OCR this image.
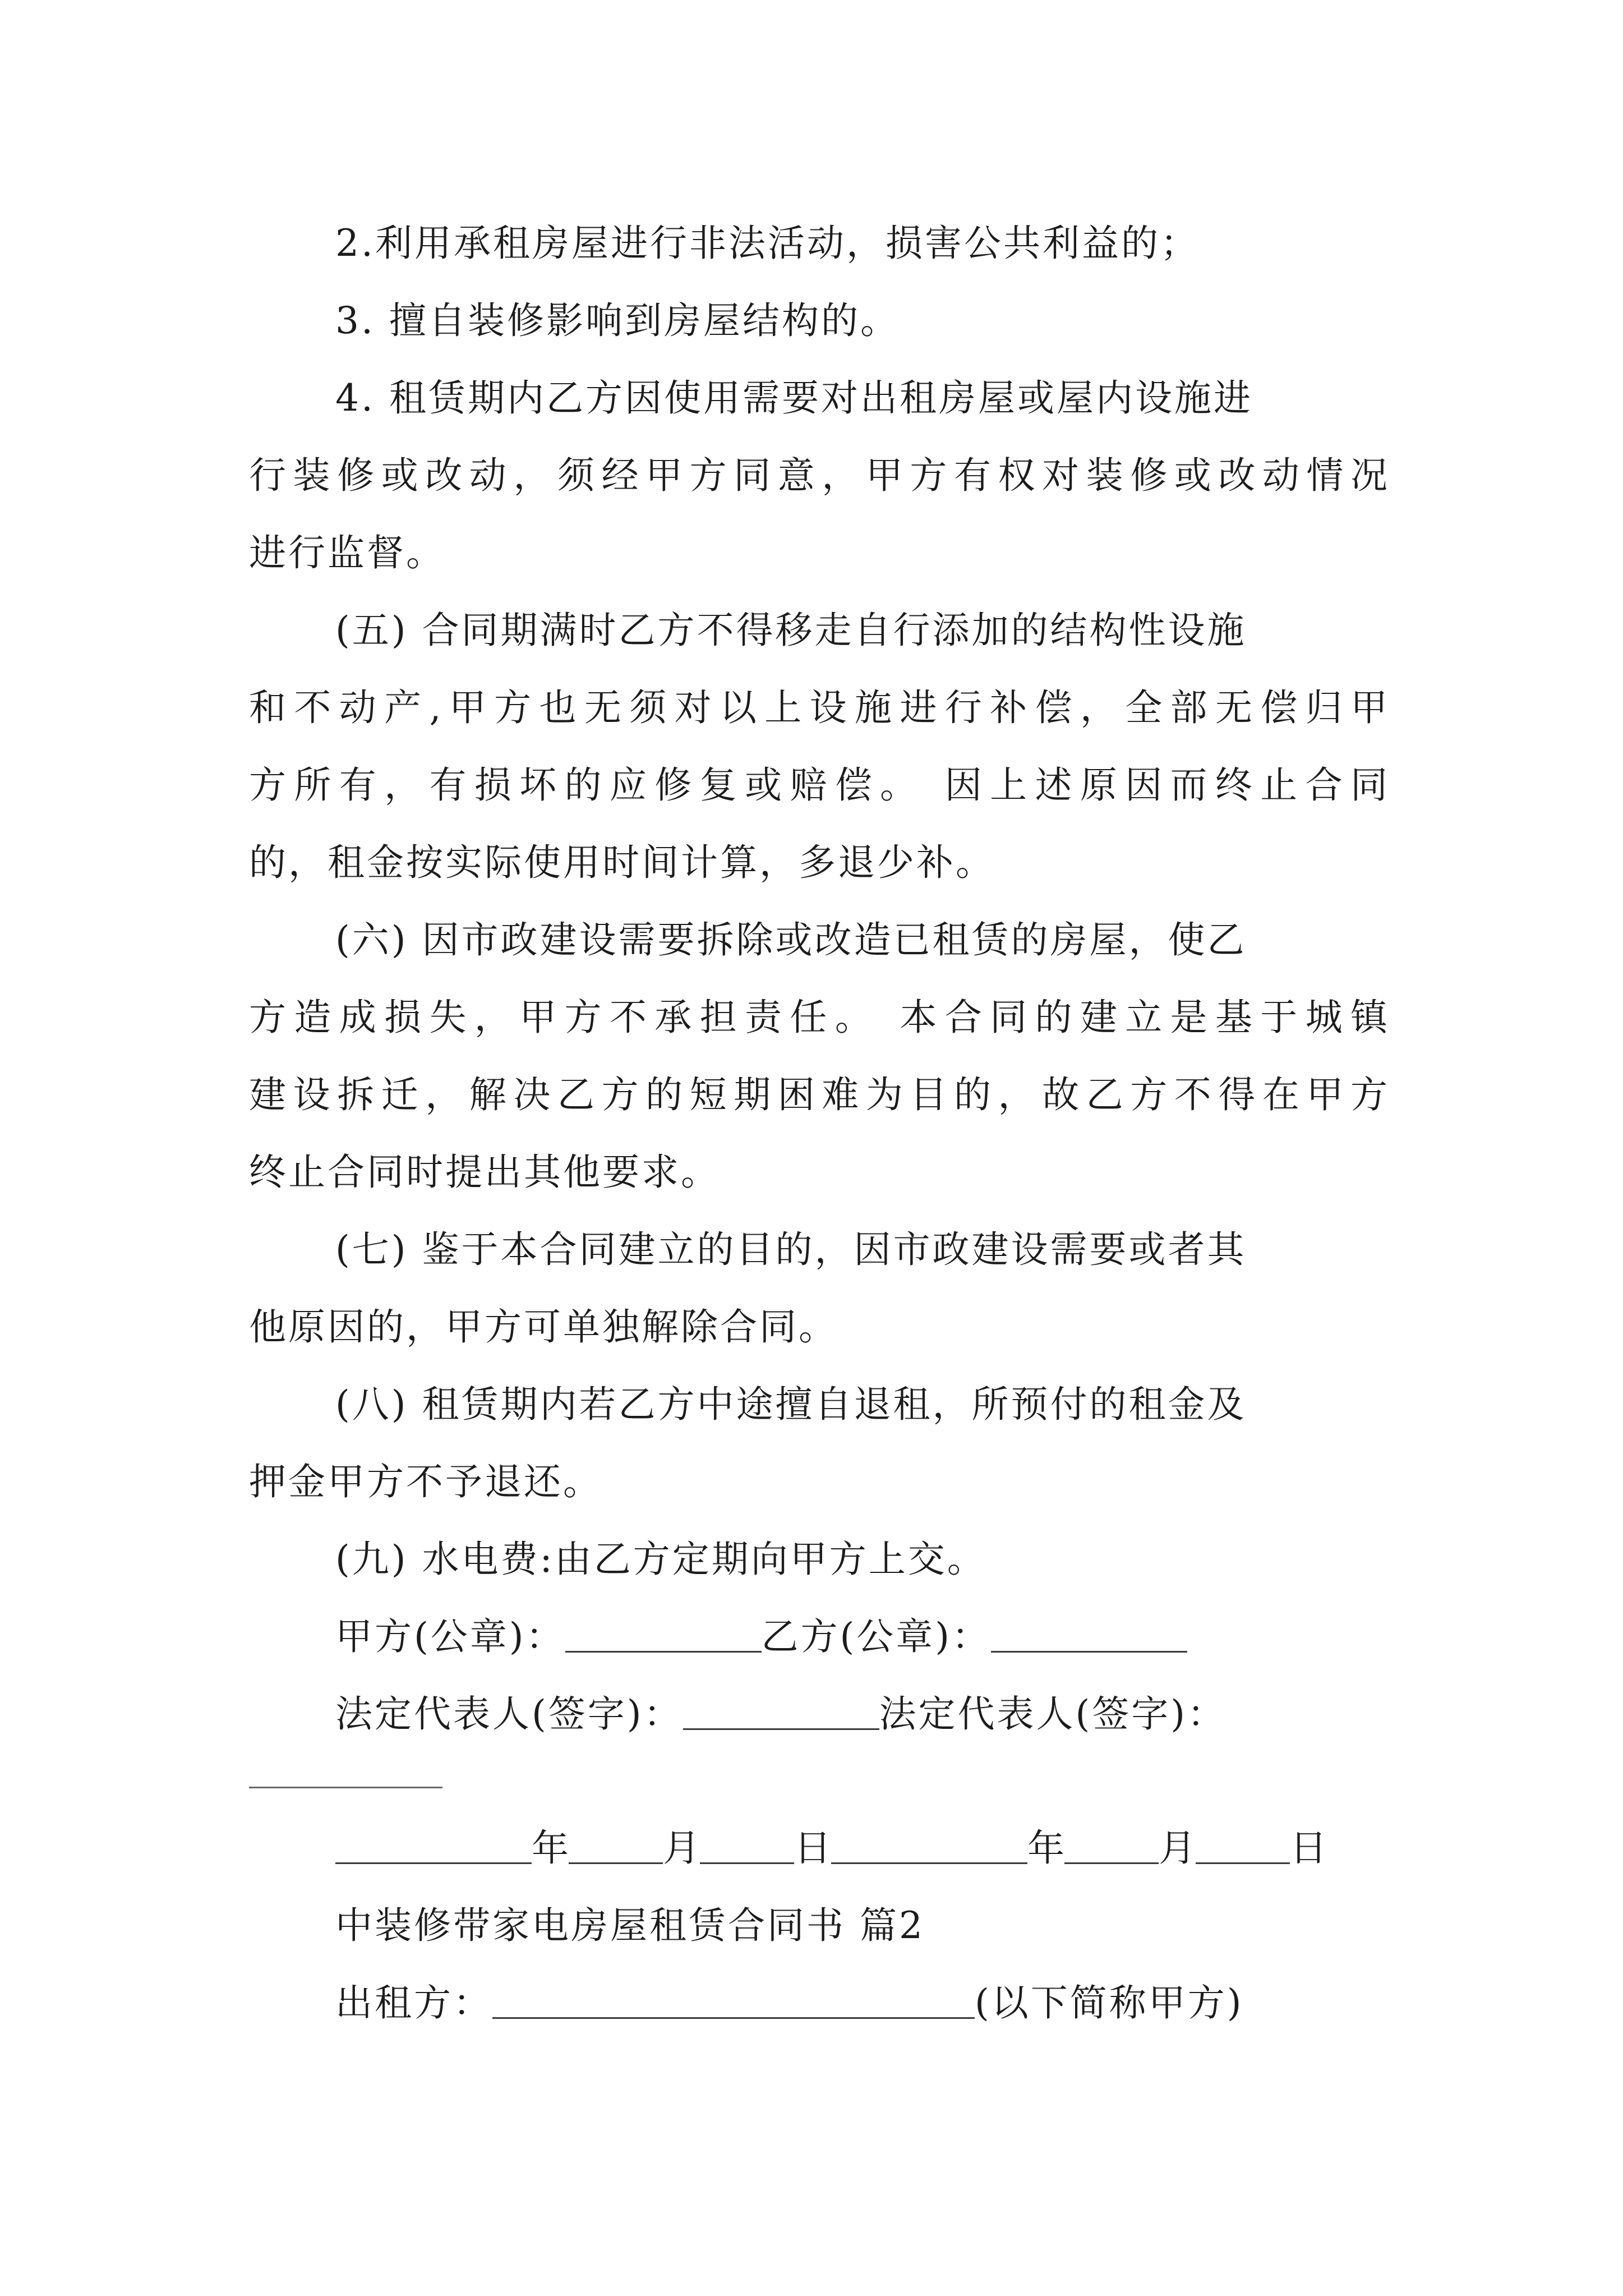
2.利用承租房屋进行非法活动，损害公共利益的；
3. 擅自装修影响到房屋结构的。
4. 租赁期内乙方因使用需要对出租房屋或屋内设施进
行装修或改动，须经甲方同意，甲方有权对装修或改动情况
进行监督。
(五) 合同期满时乙方不得移走自行添加的结构性设施
和不动产,甲方也无须对以上设施进行补偿，全部无偿归甲
方所有，有损坏的应修复或赔偿。 因上述原因而终止合同
的，租金按实际使用时间计算，多退少补。
(六) 因市政建设需要拆除或改造已租赁的房屋，使乙
方造成损失，甲方不承担责任。 本合同的建立是基于城镇
建设拆迁，解决乙方的短期困难为目的，故乙方不得在甲方
终止合同时提出其他要求。
(七) 鉴于本合同建立的目的，因市政建设需要或者其
他原因的，甲方可单独解除合同。
(八) 租赁期内若乙方中途擅自退租，所预付的租金及
押金甲方不予退还。
(九) 水电费:由乙方定期向甲方上交。
甲方(公章)：	乙方(公章)：
法定代表人(签字)：	法定代表人(签字)：
年	月	日	年	月	日
中装修带家电房屋租赁合同书 篇2
出租方：	(以下简称甲方)
